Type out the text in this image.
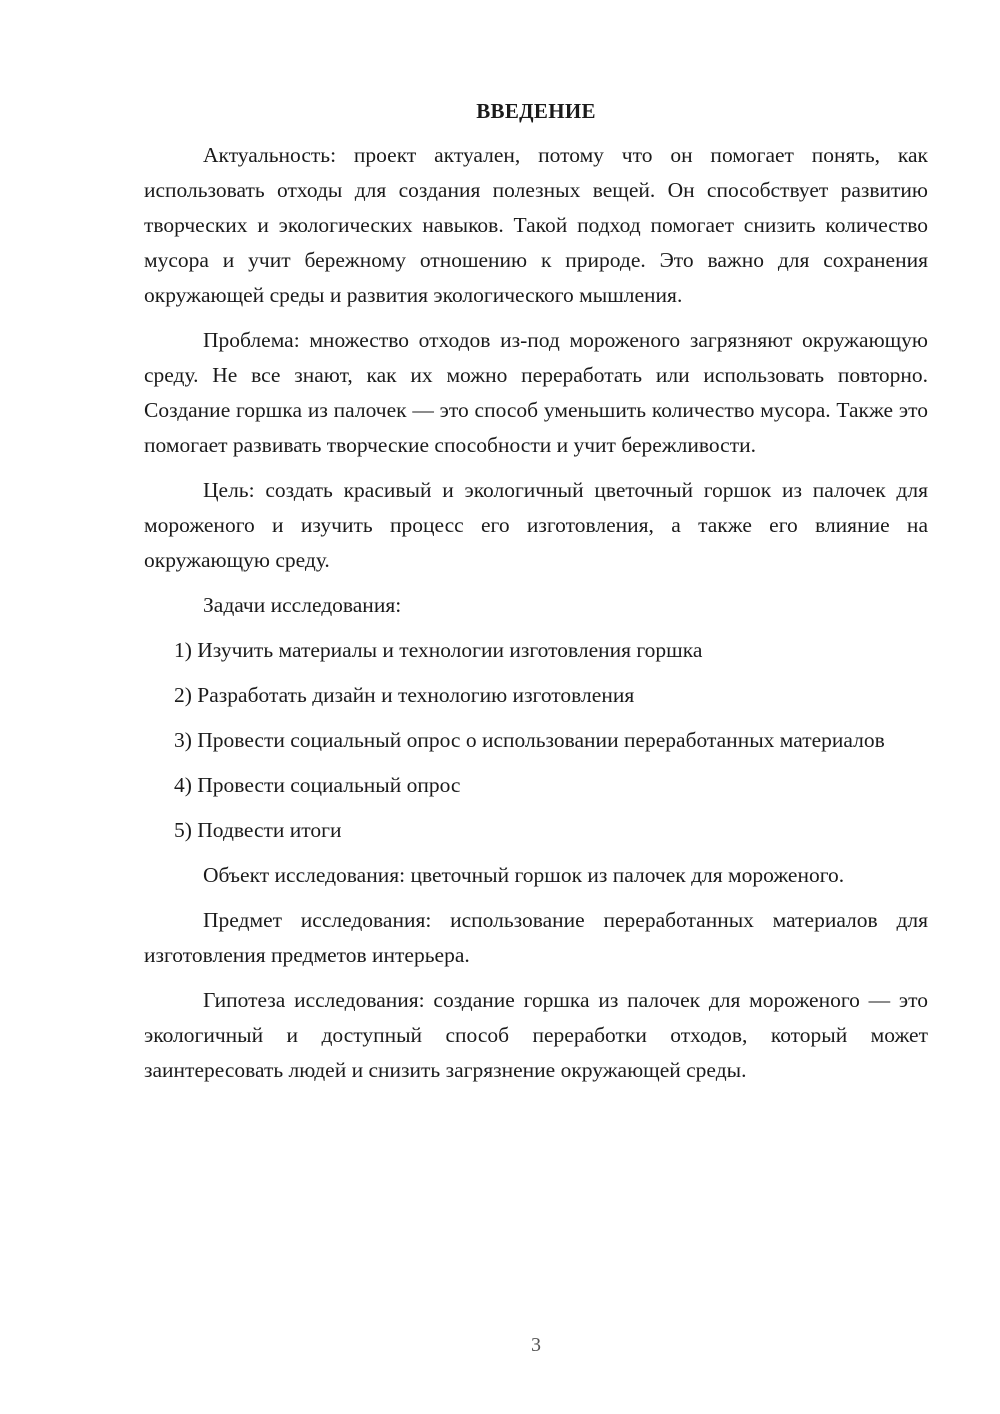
ВВЕДЕНИЕ

Актуальность: проект актуален, потому что он помогает понять, как использовать отходы для создания полезных вещей. Он способствует развитию творческих и экологических навыков. Такой подход помогает снизить количество мусора и учит бережному отношению к природе. Это важно для сохранения окружающей среды и развития экологического мышления.

Проблема: множество отходов из-под мороженого загрязняют окружающую среду. Не все знают, как их можно переработать или использовать повторно. Создание горшка из палочек — это способ уменьшить количество мусора. Также это помогает развивать творческие способности и учит бережливости.

Цель: создать красивый и экологичный цветочный горшок из палочек для мороженого и изучить процесс его изготовления, а также его влияние на окружающую среду.

Задачи исследования:

1) Изучить материалы и технологии изготовления горшка

2) Разработать дизайн и технологию изготовления

3) Провести социальный опрос о использовании переработанных материалов

4) Провести социальный опрос

5) Подвести итоги

Объект исследования: цветочный горшок из палочек для мороженого.

Предмет исследования: использование переработанных материалов для изготовления предметов интерьера.

Гипотеза исследования: создание горшка из палочек для мороженого — это экологичный и доступный способ переработки отходов, который может заинтересовать людей и снизить загрязнение окружающей среды.

3
